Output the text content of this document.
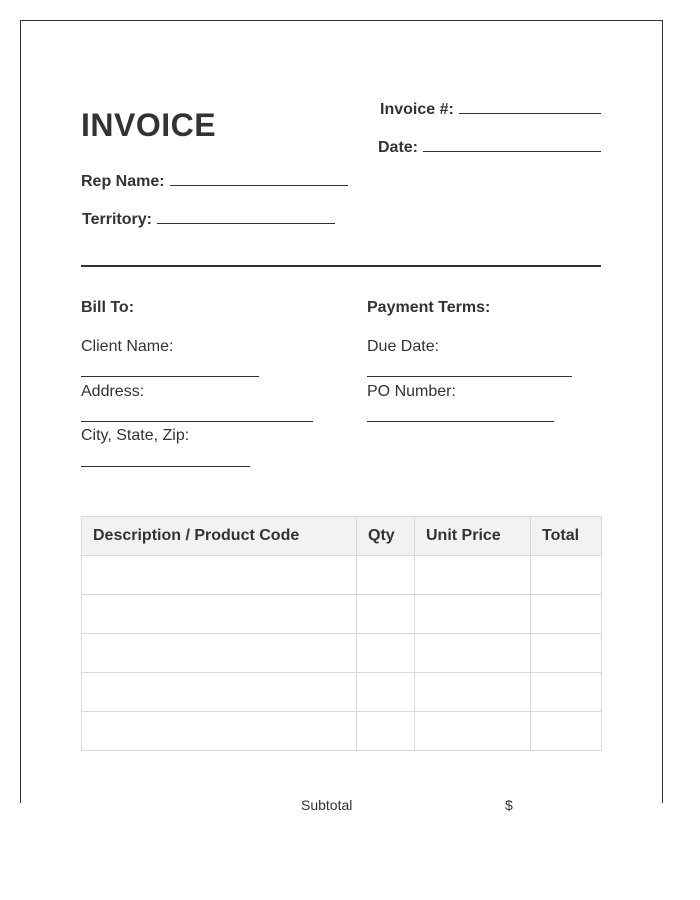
INVOICE	Invoice #:
Date:
Rep Name:
Territory:
Bill To:
Client Name:
Address:
City, State, Zip:
Payment Terms:
Due Date:
PO Number:
Description / Product Code	Qty	Unit Price	Total

Subtotal	$
